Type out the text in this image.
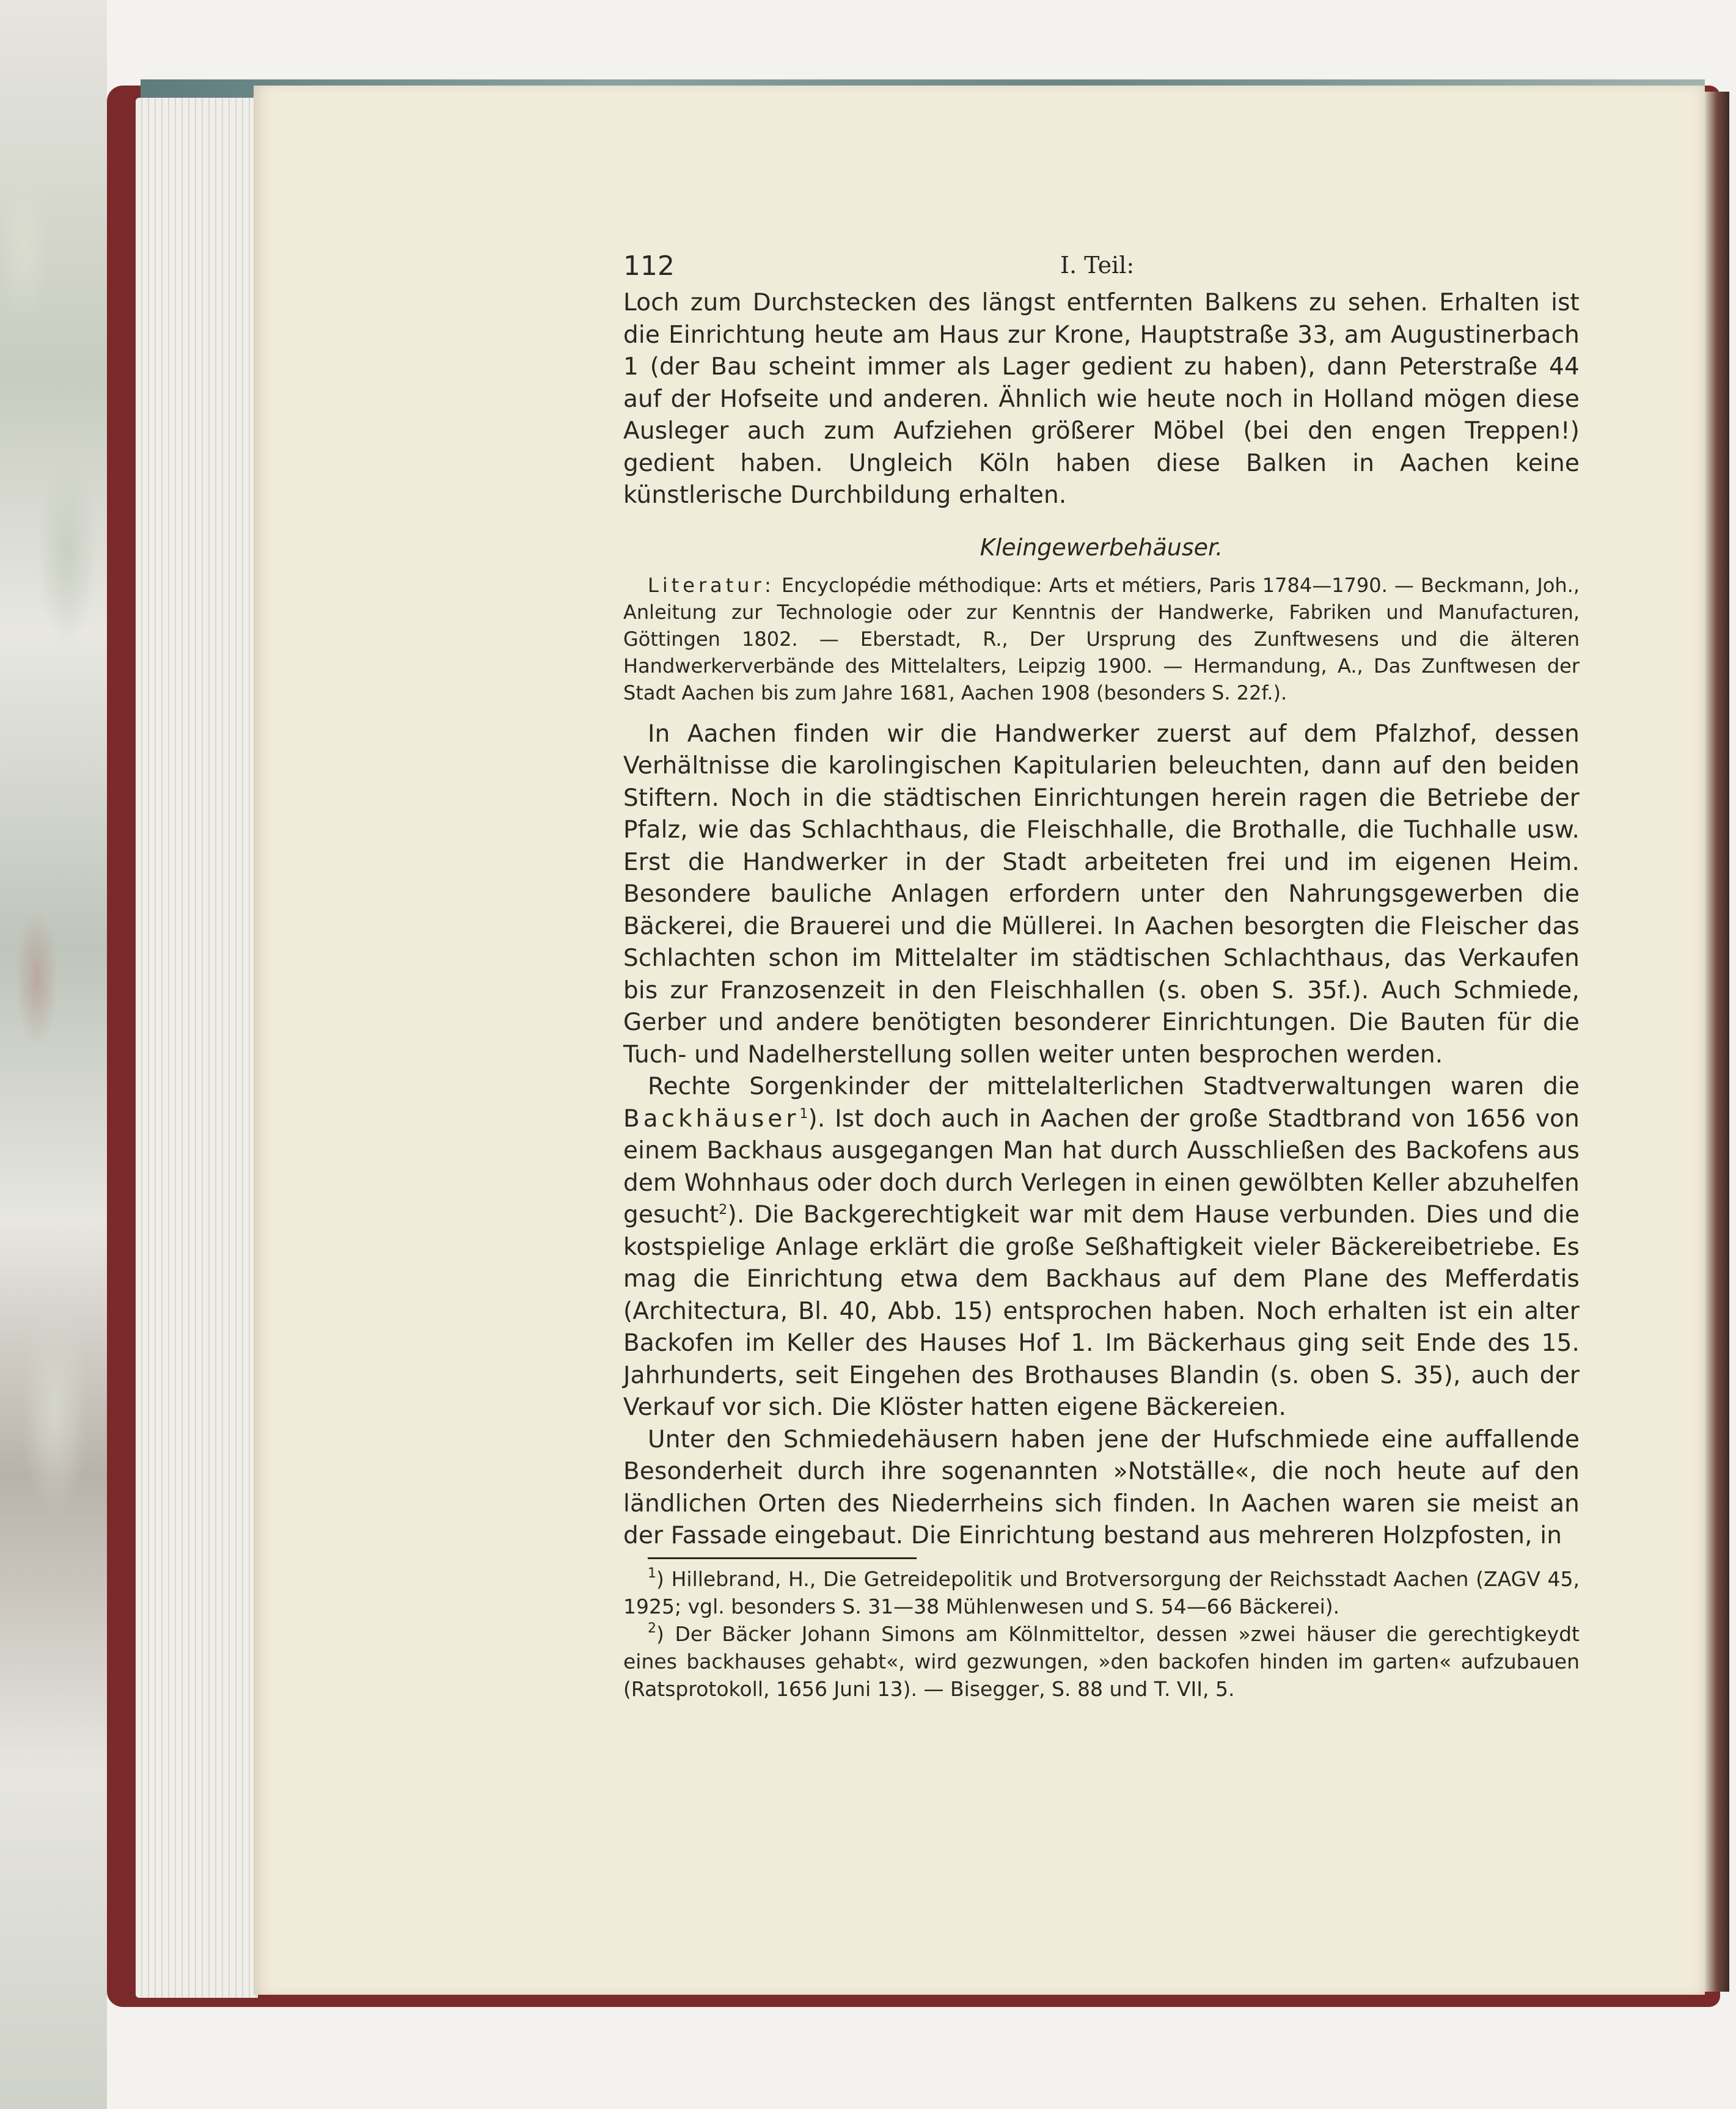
112	I. Teil:

Loch zum Durchstecken des längst entfernten Balkens zu sehen. Erhalten ist die Einrichtung heute am Haus zur Krone, Hauptstraße 33, am Augustinerbach 1 (der Bau scheint immer als Lager gedient zu haben), dann Peterstraße 44 auf der Hofseite und anderen. Ähnlich wie heute noch in Holland mögen diese Ausleger auch zum Aufziehen größerer Möbel (bei den engen Treppen!) gedient haben. Ungleich Köln haben diese Balken in Aachen keine künstlerische Durchbildung erhalten.

Kleingewerbehäuser.
Literatur: Encyclopédie méthodique: Arts et métiers, Paris 1784—1790. — Beckmann, Joh., Anleitung zur Technologie oder zur Kenntnis der Handwerke, Fabriken und Manufacturen, Göttingen 1802. — Eberstadt, R., Der Ursprung des Zunftwesens und die älteren Handwerkerverbände des Mittelalters, Leipzig 1900. — Hermandung, A., Das Zunftwesen der Stadt Aachen bis zum Jahre 1681, Aachen 1908 (besonders S. 22f.).

In Aachen finden wir die Handwerker zuerst auf dem Pfalzhof, dessen Verhältnisse die karolingischen Kapitularien beleuchten, dann auf den beiden Stiftern. Noch in die städtischen Einrichtungen herein ragen die Betriebe der Pfalz, wie das Schlachthaus, die Fleischhalle, die Brothalle, die Tuchhalle usw. Erst die Handwerker in der Stadt arbeiteten frei und im eigenen Heim. Besondere bauliche Anlagen erfordern unter den Nahrungsgewerben die Bäckerei, die Brauerei und die Müllerei. In Aachen besorgten die Fleischer das Schlachten schon im Mittelalter im städtischen Schlachthaus, das Verkaufen bis zur Franzosenzeit in den Fleischhallen (s. oben S. 35f.). Auch Schmiede, Gerber und andere benötigten besonderer Einrichtungen. Die Bauten für die Tuch- und Nadelherstellung sollen weiter unten besprochen werden.

Rechte Sorgenkinder der mittelalterlichen Stadtverwaltungen waren die Backhäuser$^1$). Ist doch auch in Aachen der große Stadtbrand von 1656 von einem Backhaus ausgegangen Man hat durch Ausschließen des Backofens aus dem Wohnhaus oder doch durch Verlegen in einen gewölbten Keller abzuhelfen gesucht$^2$). Die Backgerechtigkeit war mit dem Hause verbunden. Dies und die kostspielige Anlage erklärt die große Seßhaftigkeit vieler Bäckereibetriebe. Es mag die Einrichtung etwa dem Backhaus auf dem Plane des Mefferdatis (Architectura, Bl. 40, Abb. 15) entsprochen haben. Noch erhalten ist ein alter Backofen im Keller des Hauses Hof 1. Im Bäckerhaus ging seit Ende des 15. Jahrhunderts, seit Eingehen des Brothauses Blandin (s. oben S. 35), auch der Verkauf vor sich. Die Klöster hatten eigene Bäckereien.

Unter den Schmiedehäusern haben jene der Hufschmiede eine auffallende Besonderheit durch ihre sogenannten »Notställe«, die noch heute auf den ländlichen Orten des Niederrheins sich finden. In Aachen waren sie meist an der Fassade eingebaut. Die Einrichtung bestand aus mehreren Holzpfosten, in

$^1$) Hillebrand, H., Die Getreidepolitik und Brotversorgung der Reichsstadt Aachen (ZAGV 45, 1925; vgl. besonders S. 31—38 Mühlenwesen und S. 54—66 Bäckerei).
$^2$) Der Bäcker Johann Simons am Kölnmitteltor, dessen »zwei häuser die gerechtigkeydt eines backhauses gehabt«, wird gezwungen, »den backofen hinden im garten« aufzubauen (Ratsprotokoll, 1656 Juni 13). — Bisegger, S. 88 und T. VII, 5.
